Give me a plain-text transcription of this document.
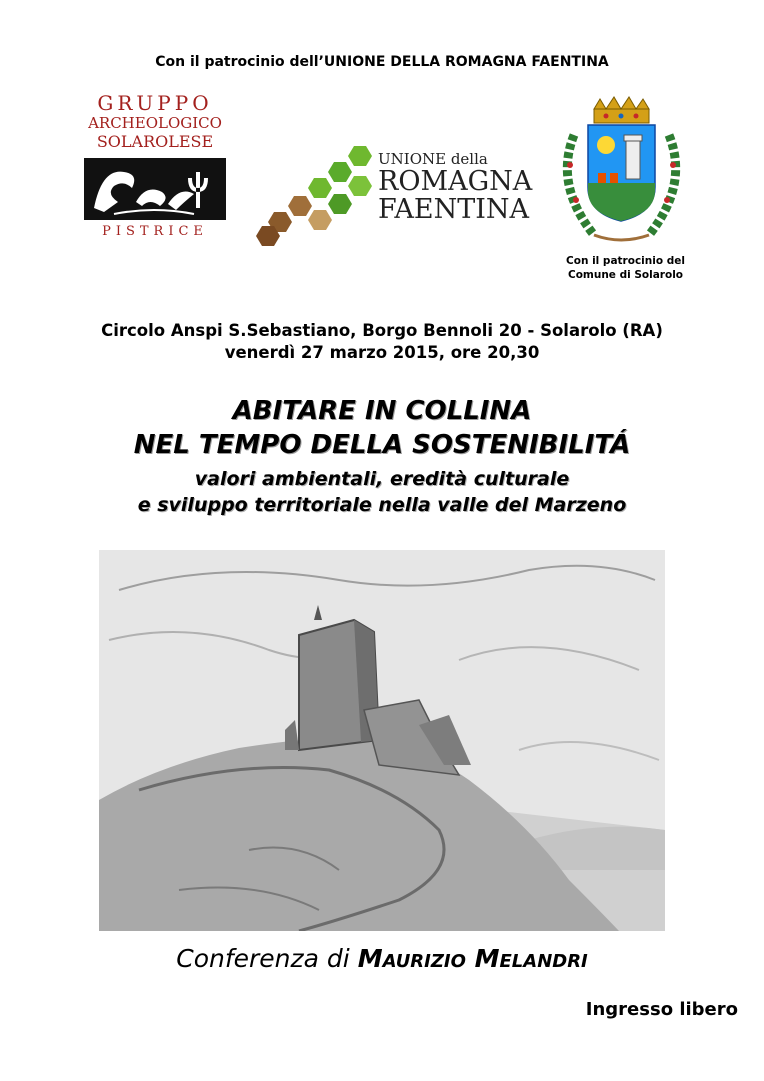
Con il patrocinio dell’UNIONE DELLA ROMAGNA FAENTINA
GRUPPO
ARCHEOLOGICO
SOLAROLESE
PISTRICE
UNIONE della
ROMAGNA
FAENTINA
Con il patrocinio del
Comune di Solarolo
Circolo Anspi S.Sebastiano, Borgo Bennoli 20 - Solarolo (RA)
venerdì 27 marzo 2015, ore 20,30
ABITARE IN COLLINA
NEL TEMPO DELLA SOSTENIBILITÁ
valori ambientali, eredità culturale
e sviluppo territoriale nella valle del Marzeno
Conferenza di Maurizio Melandri
Ingresso libero
